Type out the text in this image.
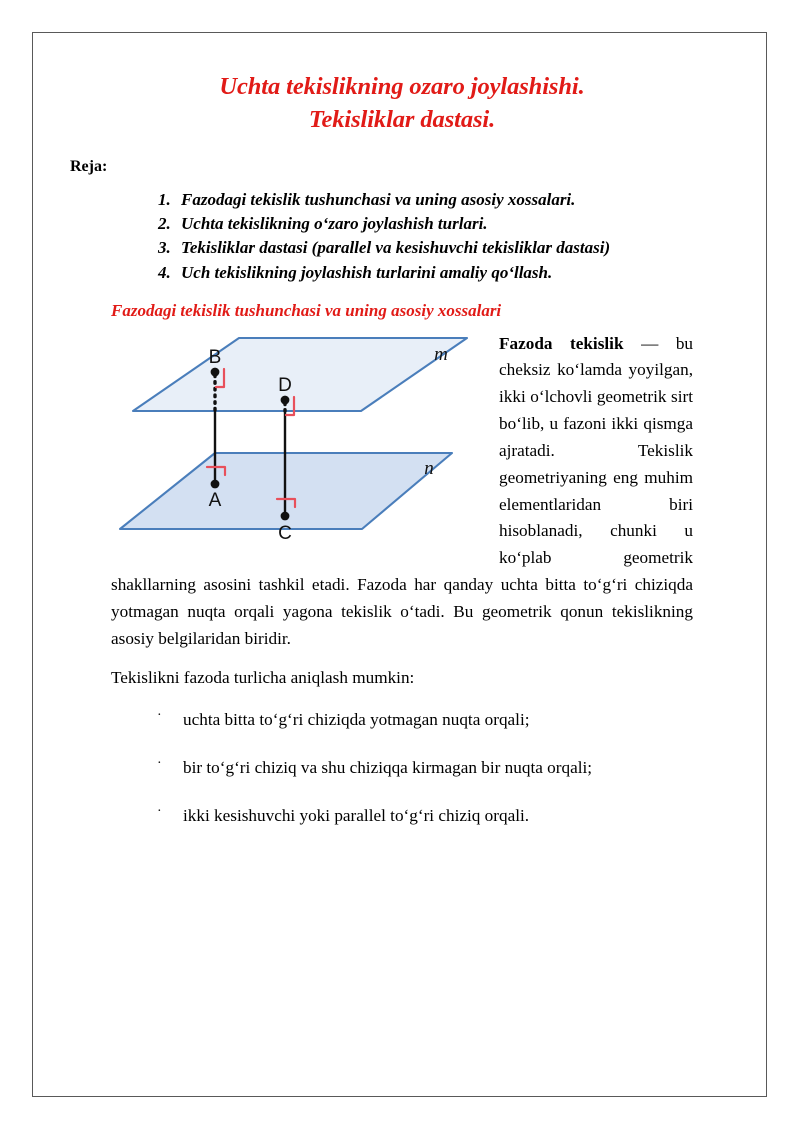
Uchta tekislikning ozaro joylashishi.
Tekisliklar dastasi.
Reja:
1. Fazodagi tekislik tushunchasi va uning asosiy xossalari.
2. Uchta tekislikning o‘zaro joylashish turlari.
3. Tekisliklar dastasi (parallel va kesishuvchi tekisliklar dastasi)
4. Uch tekislikning joylashish turlarini amaliy qo‘llash.
Fazodagi tekislik tushunchasi va uning asosiy xossalari
B
D
A
C
m
n

Fazoda tekislik — bu cheksiz ko‘lamda yoyilgan, ikki o‘lchovli geometrik sirt bo‘lib, u fazoni ikki qismga ajratadi. Tekislik geometriyaning eng muhim elementlaridan biri hisoblanadi, chunki u ko‘plab geometrik shakllarning asosini tashkil etadi. Fazoda har qanday uchta bitta to‘g‘ri chiziqda yotmagan nuqta orqali yagona tekislik o‘tadi. Bu geometrik qonun tekislikning asosiy belgilaridan biridir.

Tekislikni fazoda turlicha aniqlash mumkin:

· uchta bitta to‘g‘ri chiziqda yotmagan nuqta orqali;
· bir to‘g‘ri chiziq va shu chiziqqa kirmagan bir nuqta orqali;
· ikki kesishuvchi yoki parallel to‘g‘ri chiziq orqali.
